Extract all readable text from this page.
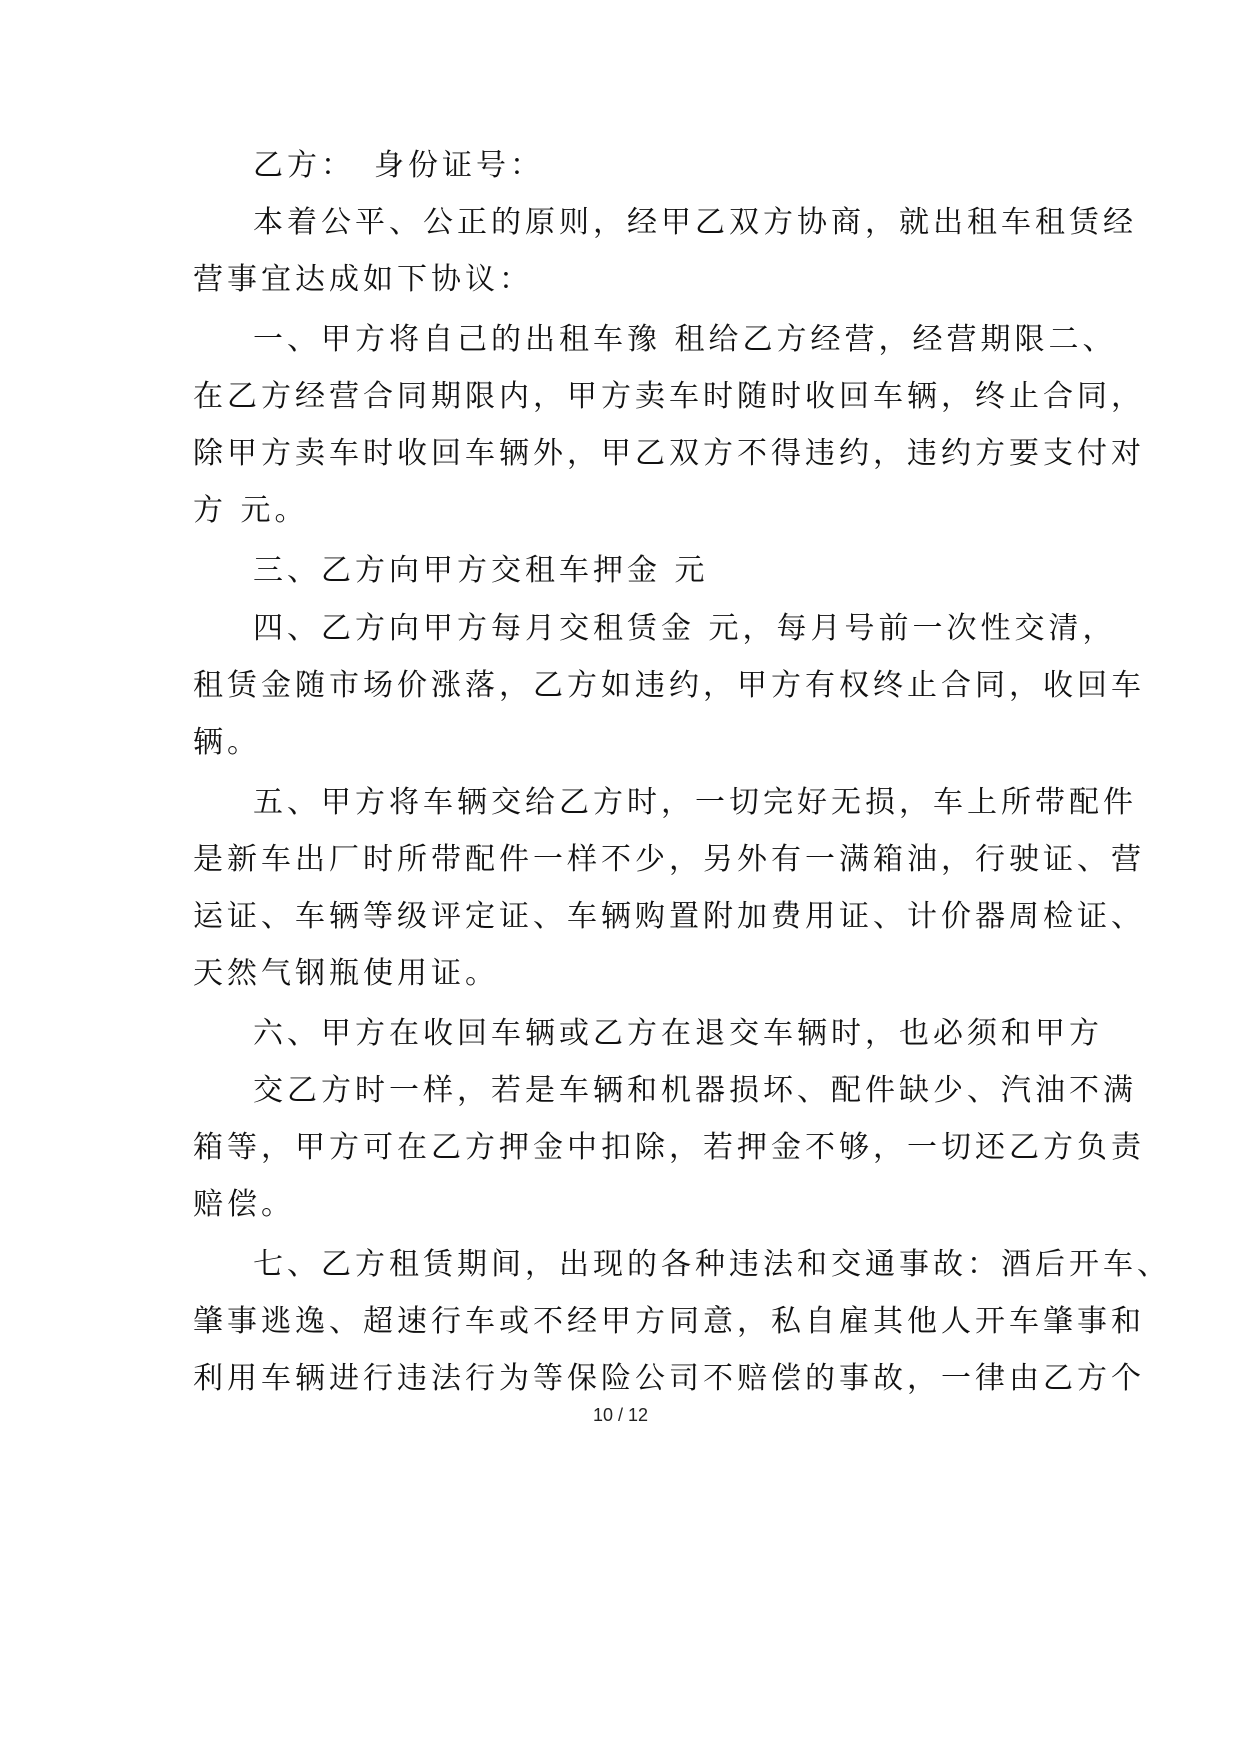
乙方：　身份证号：
本着公平、公正的原则，经甲乙双方协商，就出租车租赁经
营事宜达成如下协议：
一、甲方将自己的出租车豫 租给乙方经营，经营期限二、
在乙方经营合同期限内，甲方卖车时随时收回车辆，终止合同，
除甲方卖车时收回车辆外，甲乙双方不得违约，违约方要支付对
方 元。
三、乙方向甲方交租车押金 元
四、乙方向甲方每月交租赁金 元，每月号前一次性交清，
租赁金随市场价涨落，乙方如违约，甲方有权终止合同，收回车
辆。
五、甲方将车辆交给乙方时，一切完好无损，车上所带配件
是新车出厂时所带配件一样不少，另外有一满箱油，行驶证、营
运证、车辆等级评定证、车辆购置附加费用证、计价器周检证、
天然气钢瓶使用证。
六、甲方在收回车辆或乙方在退交车辆时，也必须和甲方
交乙方时一样，若是车辆和机器损坏、配件缺少、汽油不满
箱等，甲方可在乙方押金中扣除，若押金不够，一切还乙方负责
赔偿。
七、乙方租赁期间，出现的各种违法和交通事故：酒后开车、
肇事逃逸、超速行车或不经甲方同意，私自雇其他人开车肇事和
利用车辆进行违法行为等保险公司不赔偿的事故，一律由乙方个
10 / 12
